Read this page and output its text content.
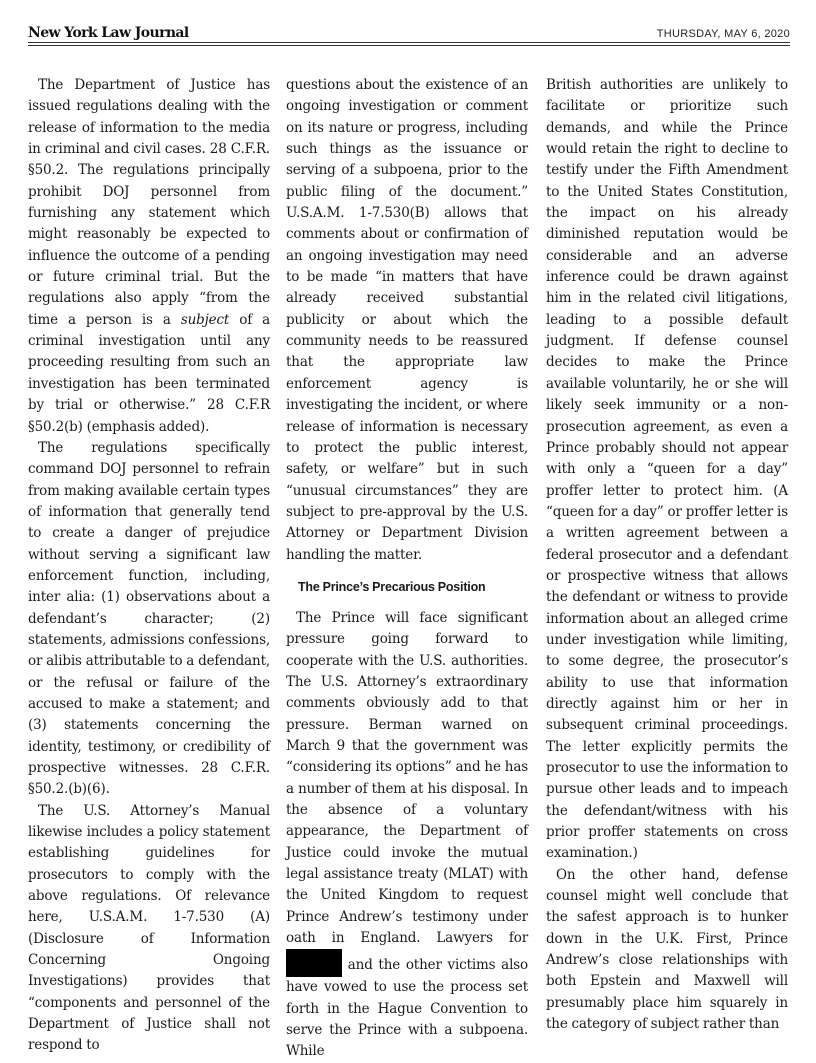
New York Law Journal	THURSDAY, MAY 6, 2020

The Department of Justice has issued regulations dealing with the release of information to the media in criminal and civil cases. 28 C.F.R. §50.2. The regulations principally prohibit DOJ personnel from furnishing any statement which might reasonably be expected to influence the outcome of a pending or future criminal trial. But the regulations also apply “from the time a person is a subject of a criminal investigation until any proceeding resulting from such an investigation has been terminated by trial or otherwise.” 28 C.F.R §50.2(b) (emphasis added).

The regulations specifically command DOJ personnel to refrain from making available certain types of information that generally tend to create a danger of prejudice without serving a significant law enforcement function, including, inter alia: (1) observations about a defendant’s character; (2) statements, admissions confessions, or alibis attributable to a defendant, or the refusal or failure of the accused to make a statement; and (3) statements concerning the identity, testimony, or credibility of prospective witnesses. 28 C.F.R. §50.2.(b)(6).

The U.S. Attorney’s Manual likewise includes a policy statement establishing guidelines for prosecutors to comply with the above regulations. Of relevance here, U.S.A.M. 1-7.530 (A) (Disclosure of Information Concerning Ongoing Investigations) provides that “components and personnel of the Department of Justice shall not respond to

questions about the existence of an ongoing investigation or comment on its nature or progress, including such things as the issuance or serving of a subpoena, prior to the public filing of the document.” U.S.A.M. 1-7.530(B) allows that comments about or confirmation of an ongoing investigation may need to be made “in matters that have already received substantial publicity or about which the community needs to be reassured that the appropriate law enforcement agency is investigating the incident, or where release of information is necessary to protect the public interest, safety, or welfare” but in such “unusual circumstances” they are subject to pre-approval by the U.S. Attorney or Department Division handling the matter.

The Prince’s Precarious Position

The Prince will face significant pressure going forward to cooperate with the U.S. authorities. The U.S. Attorney’s extraordinary comments obviously add to that pressure. Berman warned on March 9 that the government was “considering its options” and he has a number of them at his disposal. In the absence of a voluntary appearance, the Department of Justice could invoke the mutual legal assistance treaty (MLAT) with the United Kingdom to request Prince Andrew’s testimony under oath in England. Lawyers for  and the other victims also have vowed to use the process set forth in the Hague Convention to serve the Prince with a subpoena. While

British authorities are unlikely to facilitate or prioritize such demands, and while the Prince would retain the right to decline to testify under the Fifth Amendment to the United States Constitution, the impact on his already diminished reputation would be considerable and an adverse inference could be drawn against him in the related civil litigations, leading to a possible default judgment. If defense counsel decides to make the Prince available voluntarily, he or she will likely seek immunity or a non-prosecution agreement, as even a Prince probably should not appear with only a “queen for a day” proffer letter to protect him. (A “queen for a day” or proffer letter is a written agreement between a federal prosecutor and a defendant or prospective witness that allows the defendant or witness to provide information about an alleged crime under investigation while limiting, to some degree, the prosecutor’s ability to use that information directly against him or her in subsequent criminal proceedings. The letter explicitly permits the prosecutor to use the information to pursue other leads and to impeach the defendant/witness with his prior proffer statements on cross examination.)

On the other hand, defense counsel might well conclude that the safest approach is to hunker down in the U.K. First, Prince Andrew’s close relationships with both Epstein and Maxwell will presumably place him squarely in the category of subject rather than
